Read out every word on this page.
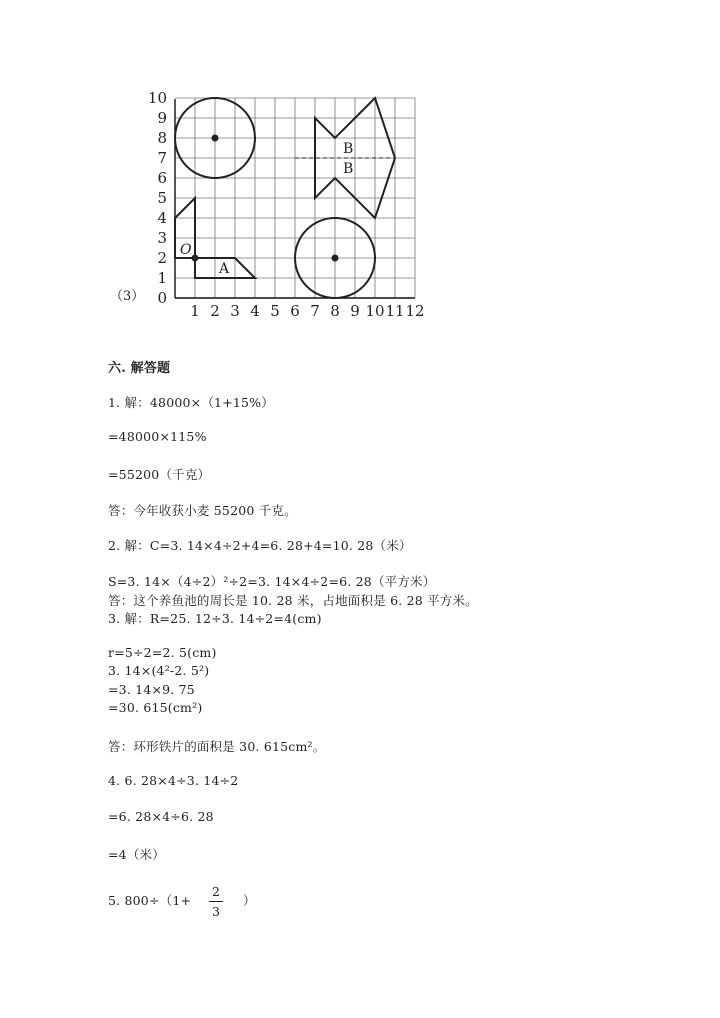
0
1
2
3
4
5
6
7
8
9
10
1 2 3 4 5 6 7 8 9 10 11 12
O
A
B
B
（3）
六. 解答题
1. 解：48000×（1+15%）
=48000×115%
=55200（千克）
答：今年收获小麦 55200 千克。
2. 解：C=3. 14×4÷2+4=6. 28+4=10. 28（米）
S=3. 14×（4÷2）²÷2=3. 14×4÷2=6. 28（平方米）
答：这个养鱼池的周长是 10. 28 米，占地面积是 6. 28 平方米。
3. 解：R=25. 12÷3. 14÷2=4(cm)
r=5÷2=2. 5(cm)
3. 14×(4²-2. 5²)
=3. 14×9. 75
=30. 615(cm²)
答：环形铁片的面积是 30. 615cm²。
4. 6. 28×4÷3. 14÷2
=6. 28×4÷6. 28
=4（米）
5. 800÷（1+
2
3
）
